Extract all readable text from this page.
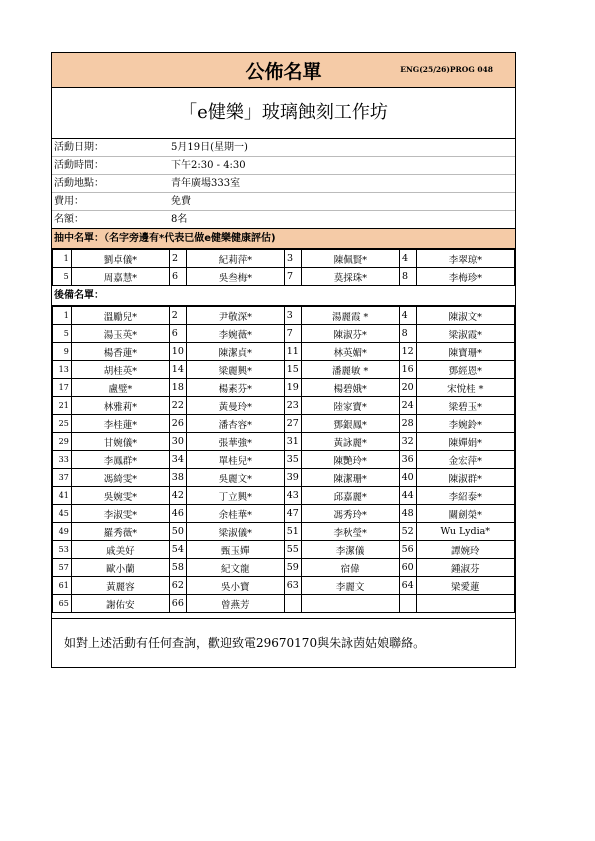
公佈名單	ENG(25/26)PROG 048
「e健樂」玻璃蝕刻工作坊
活動日期：	5月19日(星期一)
活動時間：	下午2:30 - 4:30
活動地點：	青年廣場333室
費用：	免費
名額：	8名
抽中名單：（名字旁邊有*代表已做e健樂健康評估)
1	劉卓儀*	2	紀莉萍*	3	陳佩賢*	4	李翠琼*
5	周嘉慧*	6	吳叁梅*	7	莫採珠*	8	李梅珍*
後備名單：
1	溫勵兒*	2	尹敬深*	3	湯麗霞 *	4	陳淑文*
5	湯玉英*	6	李婉薇*	7	陳淑芬*	8	梁淑霞*
9	楊香蓮*	10	陳潔貞*	11	林英媚*	12	陳寶珊*
13	胡桂英*	14	梁麗興*	15	潘麗敏 *	16	鄧經恩*
17	盧璧*	18	楊素芬*	19	楊碧娥*	20	宋悅桂 *
21	林雅莉*	22	黃曼玲*	23	陸家寶*	24	梁碧玉*
25	李桂蓮*	26	潘杏容*	27	鄧銀鳳*	28	李婉鈴*
29	甘婉儀*	30	張華強*	31	黃詠麗*	32	陳嬋娟*
33	李鳳群*	34	單桂兒*	35	陳艷玲*	36	金宏萍*
37	馮綺雯*	38	吳麗文*	39	陳潔珊*	40	陳淑群*
41	吳婉雯*	42	丁立興*	43	邱嘉麗*	44	李紹泰*
45	李淑雯*	46	余桂華*	47	馮秀玲*	48	關劍榮*
49	羅秀薇*	50	梁淑儀*	51	李秋瑩*	52	Wu Lydia*
53	戚美好	54	甄玉嬋	55	李潔儀	56	譚婉玲
57	歐小蘭	58	紀文龍	59	宿偉	60	鍾淑芬
61	黃麗容	62	吳小寶	63	李麗文	64	梁愛蓮
65	謝佑安	66	曾燕芳				
如對上述活動有任何查詢，歡迎致電29670170與朱詠茵姑娘聯絡。
